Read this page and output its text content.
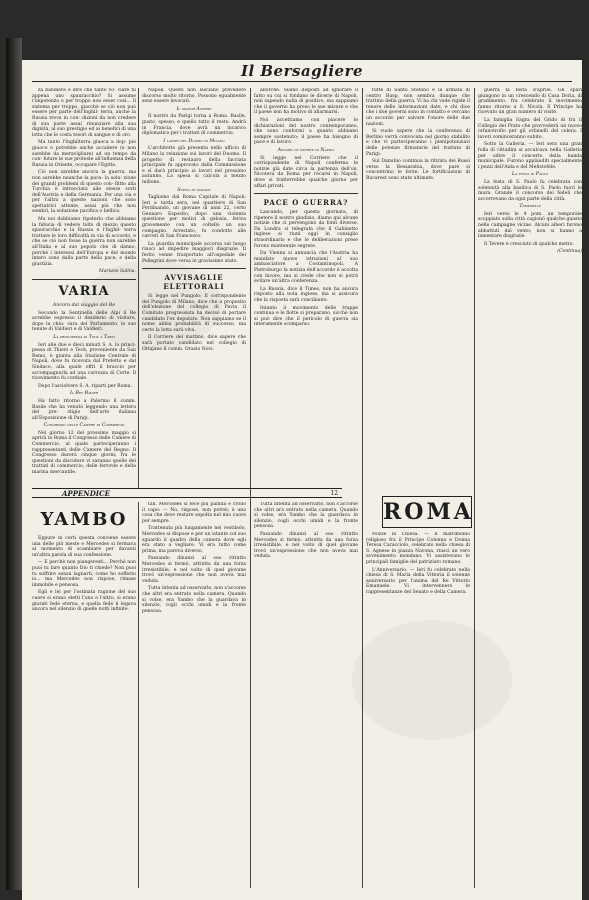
Il Bersagliere

za bandiera e dire che tanto vo- ciare fu appena uno spauracchio? Si assume l'impotenza o per troppo non esser così... Il sistema per troppo, giacchè se ciò non può essere per parte dell'Inghil- terra, anche la Russia trova in con- dizioni da non credere di sua parte assai rinunziare alla sua dignità, al suo prestigio ed ai benefici di una lotta che le costa tesori di sangue e di oro.

Ma tanto l'Inghilterra giuoca a dop- pio giuoco e potrebbe anche accadere (e non sarebbe da meravigliare) ad un tempo da con- futare le sue proteste all'influenza della Russia in Oriente, occupare l'Egitto.

Ciò non sarebbe ancora la guerra, ma non sarebbe neanche la pace: la solu- zione dei grandi problemi di questo con- flitto alla Turchia è intrecciata alle stesse sorti dell'Austria e della Germania. Per una via e per l'altra a queste nazioni che sono spettatrici attente, assai più che non sembri, la soluzione pacifica o bellica.

Ma noi dobbiamo ripeterlo che abbiamo la fiducia di vedere tolto di mezzo questo spauracchio e la Russia e l'Inghil- terra trattare le loro difficoltà in via di accordo, e che se ciò non fosse la guerra non sarebbe all'Italia e al suo popolo che di danno, perchè i interessi dell'Europa e del mondo intero sono dalla parte della pace, e della giustizia.

Mariano Salina.

VARIA
Ancora dal viaggio del Re

Secondo la Sentinella delle Alpi il Re avrebbe espresso il desiderio di visitare, dopo la chiu- sura del Parlamento, le sue tenute di Valdieri e di Valdieri.

La principessa di Teck a Tarsi

Ieri alle due e dieci minuti S. A. la princi- pessa di Thiers e Teck, proveniente da San Remo, è giunta alla Stazione Centrale di Napoli, dove fu ricevuta dal Prefetto e dal Sindaco, alla quale offrì il braccio per accompagnarla ad una carrozza di Corte. Il ricevimento fu cordiale.

Dopo l'asciolvere S. A. riparti per Roma.

Il Bey Bavier

Ha fatto ritorno a Palermo il comm. Basile che ha venuto leggendo una lettera del pre- stigio dell'arte italiana all'Esposizione di Parigi.

Congresso delle Camere di Commercio

Nel giorno 12 del prossimo maggio si aprirà in Roma il Congresso delle Camere di Commercio, al quale parteciperanno i rappresentanti delle Camere del Regno. Il Congresso durerà cinque giorni; fra le questioni da discutere vi saranno quelle dei trattati di commercio, delle ferrovie e della marina mercantile.

Napoli. Questi non lasciano prevedere discorso molto ritorno. Possono egualmente senz essere invocati.

Il signor Ansero

Il nostro da Parigi torna a Roma. Basile, gusto, spesso, e quello tutto il resto. Andrà in Francia, dove avrà un incarico diplomatico per i trattati di commercio.

I lavori del Duomo di Milano

L'architetto già presenta nello ufficio di Milano la relazione sui lavori del Duomo. Il progetto di restauro della facciata principale fu approvato dalla Commissione e si darà principio ai lavori nel prossimo autunno. La spesa si calcola a mezzo milione.

Scena di sangue

Tagliamo dal Roma Capitale di Napoli: Ieri a tarda sera, nel quartiere di San Ferdinando, un giovane di anni 22, certo Gennaro Esposito, dopo una violenta questione per motivi di gelosia, feriva gravemente con un coltello un suo compagno. Arrestato, fu condotto alle carceri di San Francesco.

La guardia municipale accorsa sul luogo riuscì ad impedire maggiori disgrazie. Il ferito venne trasportato all'ospedale dei Pellegrini dove versa in gravissimo stato.

AVVISAGLIE ELETTORALI

Si legge nel Pungolo: Il corrispondente del Pungolo di Milano, dice che a proposito dell'elezione del collegio di Pavia il Comitato progressista ha deciso di portare candidato l'ex deputato. Non sappiamo se il nome abbia probabilità di successo, ma certo la lotta sarà viva.

Il Corriere del mattino, dice sapere che sarà portato candidato nel collegio di Ottajano il comm. Orazio Novi.

allorchè. Siamo disposti ad ignorare il fatto su cui si fondano le dicerie di Napoli, non sapendo nulla di positivo, ma sappiamo che il governo ha preso le sue misure e che il paese non ha motivo di allarmarsi.

Noi accettiamo con piacere le dichiarazioni del nostro contemporaneo, che sono conformi a quanto abbiamo sempre sostenuto; il paese ha bisogno di pace e di lavoro.

Ancora le dicerie di Napoli

Si legge nel Corriere che il corrispondente di Napoli conferma le notizie già date circa la partenza dell'on. Nicotera da Roma per recarsi in Napoli, dove si tratterrebbe qualche giorno per affari privati.

PACE O GUERRA?

Lascando, per questa giornata, di ripetere il nostro giudizio, diamo qui alcune notizie che ci pervengono da fonti diverse. Da Londra si telegrafa che il Gabinetto inglese si riunì oggi in consiglio straordinario e che le deliberazioni prese furono mantenute segrete.

Da Vienna si annuncia che l'Austria ha mandato nuove istruzioni al suo ambasciatore a Costantinopoli. A Pietroburgo la notizia dell'accordo è accolta con favore, ma si crede che non si potrà evitare un'altra conferenza.

La Russia, dice il Times, non ha ancora risposto alla nota inglese, ma si assicura che la risposta sarà conciliante.

Intanto il movimento delle truppe continua e le flotte si preparano, sicchè non si può dire che il pericolo di guerra sia interamente scomparso.

tutte di Santo Stefano e la armata di centro Rusp, non sembra dunque che trattino della guerra. Vi ha chi vede rigide il tenore delle informazioni date, e chi dice che i due governi sono in contatto e cercano un accordo per salvare l'onore delle due nazioni.

Si vuole sapere che la conferenza di Berlino verrà convocata nel giorno stabilito e che vi parteciperanno i plenipotenziari delle potenze firmatarie del trattato di Parigi.

Sul Danubio continua la ritirata dei Russi verso la Bessarabia, dove pare si concentrino le forze. Le fortificazioni di Bucarest sono state ultimate.

ROMA

Nozze in Chiesa. — Il matrimonio religioso fra il Principe Colonna e Donna Teresa Caracciolo, celebrato nella chiesa di S. Agnese in piazza Navona, riuscì un vero avvenimento mondano. Vi assistevano le principali famiglie del patriziato romano.

L'Anniversario. — Ieri fu celebrato nella chiesa di S. Maria della Vittoria il solenne anniversario per l'anima del Re Vittorio Emanuele. Vi intervennero le rappresentanze del Senato e della Camera.

guerra la festa d'aprile. Gli spari giungono in un crescendo di Casa Doria, di gradimento, fra celebrato il movimento fanno ritorno a S. Nicola. Il Principe ha ricevuto un gran numero di visite.

La famiglia Sagra del Grido di fra il Collegio del Prato che provvederà un nuovo orfanotrofio per gli orfanelli del colera. I lavori cominceranno subito.

Sotto la Galleria. — Ieri sera una gran folla di cittadini si accalcava nella Galleria per udire il concerto della banda municipale. Furono applauditi specialmente i pezzi dell'Aida e del Mefistofele.

La festa di Paolo

La festa di S. Paolo fu celebrata con solennità alla basilica di S. Paolo fuori le mura. Grande il concorso dei fedeli che accorrevano da ogni parte della città.

Temporale

Ieri verso le 4 pom. un temporale scoppiato sulla città cagionò qualche guasto nelle campagne vicine. Alcuni alberi furono abbattuti dal vento; non si hanno a lamentare disgrazie.

Il Tevere è cresciuto di qualche metro.

(Continua)
APPENDICE	12
YAMBO

Eppure in certi questa conviene essere una delle più meste e Mercedes si fermava al momento di scambiare per davanti un'altra parola di sua confessione.

— E perchè non piangeresti... Perchè non puoi tu fare quanto Dio ti chiede? Non puoi tu soffrire senza lagnarti, come ho sofferto io... ma Mercedes non rispose, rimase immobile e pensosa.

Egli e lei per l'ostinata ragione del suo cuore si erano eletti l'uno e l'altro, si erano giurati fede eterna, e quella fede li legava ancora nel silenzio di quelle notti infinite.

tali. Mercedes si fece più pallida e crollò il capo: — No, rispose, non potrei; è una cosa che deve restare sepolta nel mio cuore per sempre.

Trattenuta più lungamente nel vestibolo, Mercedes si dispose e per un istante col suo sguardo il quadro della camera dove egli era stato a vegliare. Vi era tutto come prima, ma pareva diverso.

Passando dinanzi al suo ritratto Mercedes si fermò, attratta da una forza irresistibile, e nel volto di quel giovane trovò un'espressione che non aveva mai veduta.

Tutta intenta ad osservarlo, non s'accorse che altri era entrato nella camera. Quando si volse, era Yambo che la guardava in silenzio, cogli occhi umidi e la fronte pensosa.

Tutta intenta ad osservarlo, non s'accorse che altri era entrato nella camera. Quando si volse, era Yambo che la guardava in silenzio, cogli occhi umidi e la fronte pensosa.

Passando dinanzi al suo ritratto Mercedes si fermò, attratta da una forza irresistibile, e nel volto di quel giovane trovò un'espressione che non aveva mai veduta.
